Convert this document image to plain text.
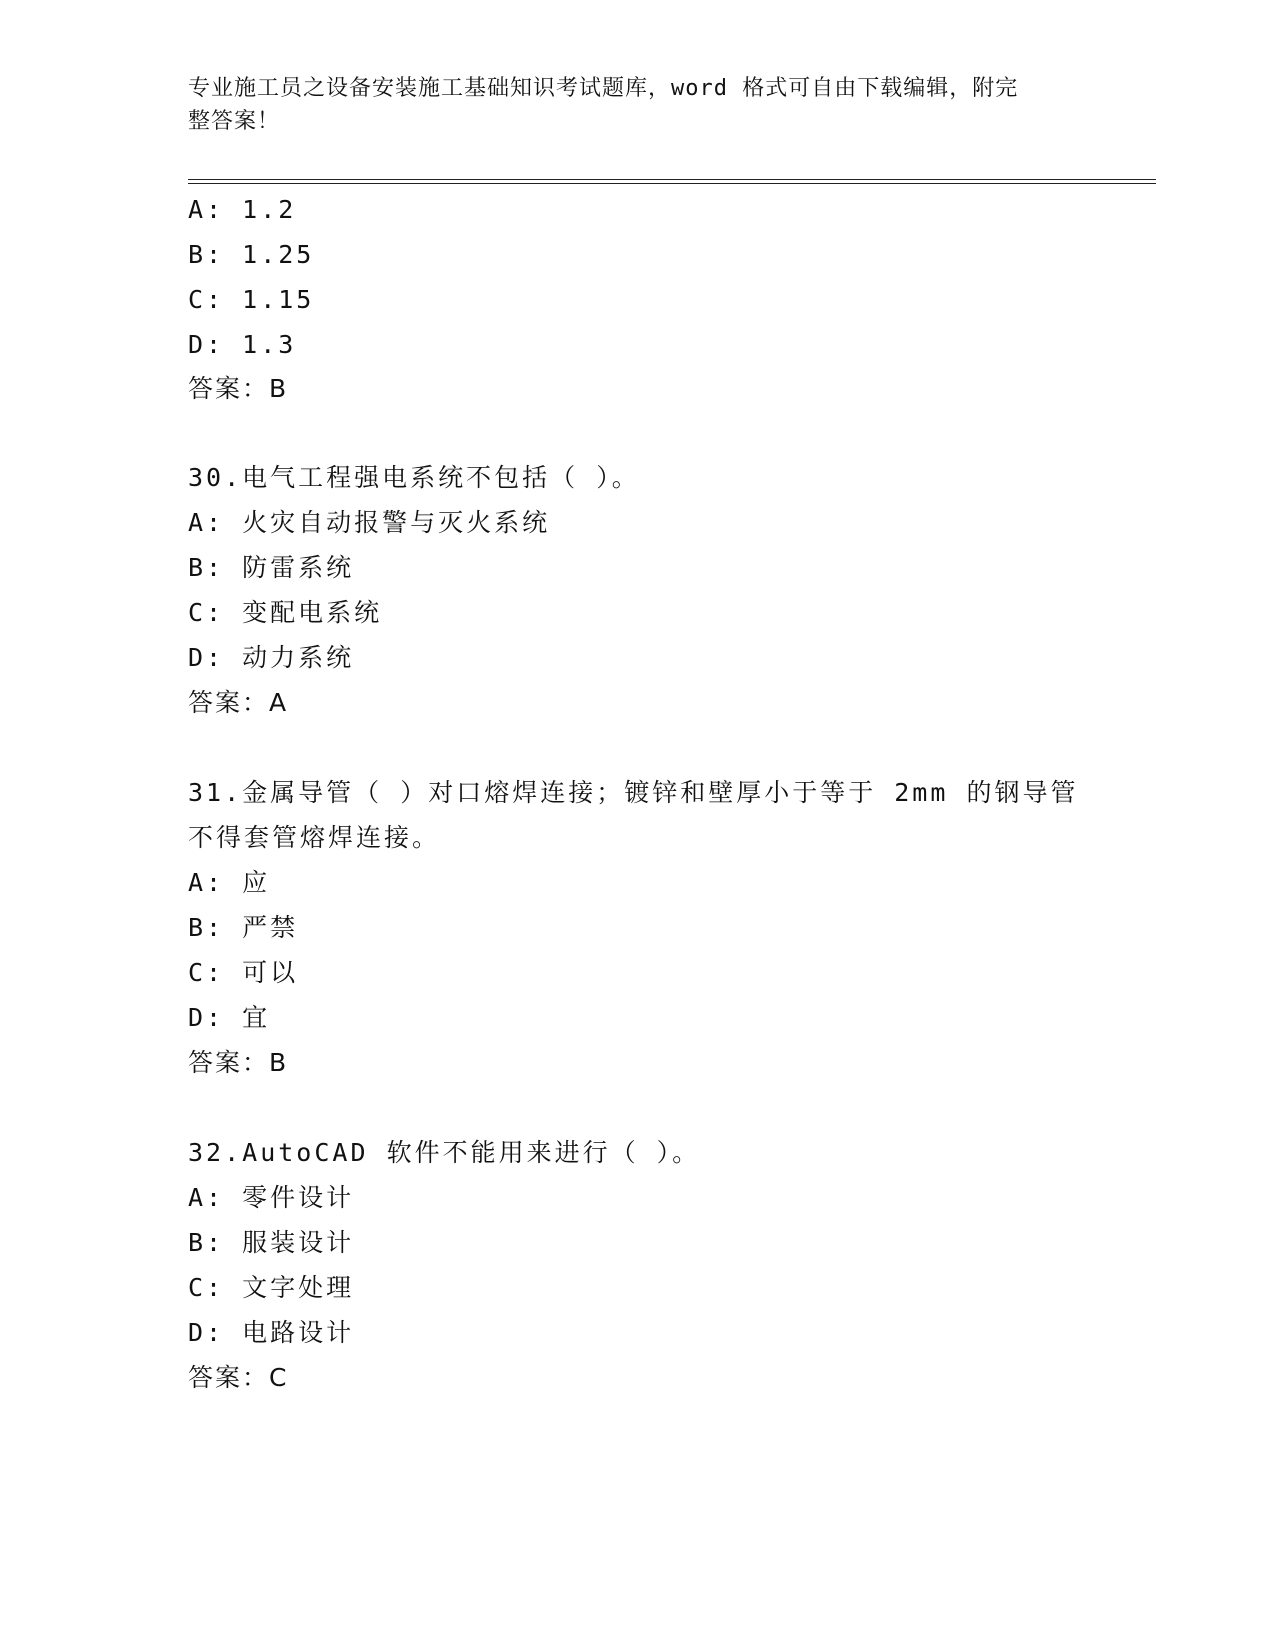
专业施工员之设备安装施工基础知识考试题库，word 格式可自由下载编辑，附完
整答案！
A: 1.2
B: 1.25
C: 1.15
D: 1.3
答案：B
30.电气工程强电系统不包括（ ）。
A: 火灾自动报警与灭火系统
B: 防雷系统
C: 变配电系统
D: 动力系统
答案：A
31.金属导管（ ）对口熔焊连接；镀锌和壁厚小于等于 2mm 的钢导管
不得套管熔焊连接。
A: 应
B: 严禁
C: 可以
D: 宜
答案：B
32.AutoCAD 软件不能用来进行（ ）。
A: 零件设计
B: 服装设计
C: 文字处理
D: 电路设计
答案：C
